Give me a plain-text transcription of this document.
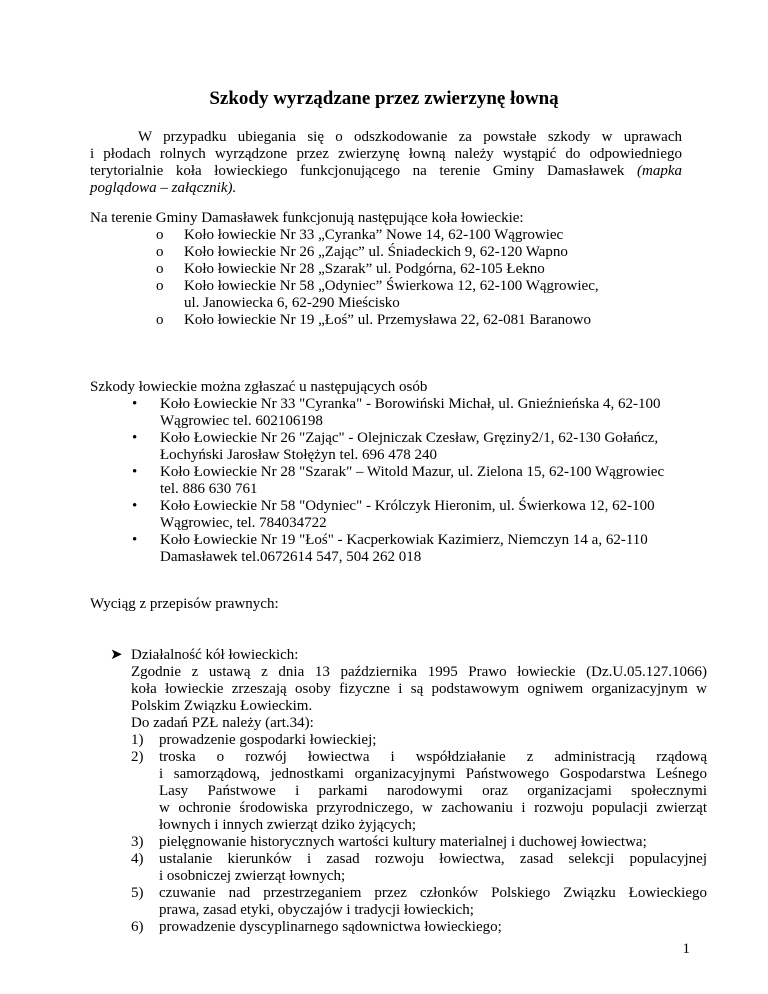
Szkody wyrządzane przez zwierzynę łowną
W przypadku ubiegania się o odszkodowanie za powstałe szkody w uprawach
i płodach rolnych wyrządzone przez zwierzynę łowną należy wystąpić do odpowiedniego
terytorialnie koła łowieckiego funkcjonującego na terenie Gminy Damasławek (mapka
pogląd​owa – załącznik).
Na terenie Gminy Damasławek funkcjonują następujące koła łowieckie:
o Koło łowieckie Nr 33 „Cyranka” Nowe 14, 62-100 Wągrowiec
o Koło łowieckie Nr 26 „Zając” ul. Śniadeckich 9, 62-120 Wapno
o Koło łowieckie Nr 28 „Szarak” ul. Podgórna, 62-105 Łekno
o Koło łowieckie Nr 58 „Odyniec” Świerkowa 12, 62-100 Wągrowiec,
ul. Janowiecka 6, 62-290 Mieścisko
o Koło łowieckie Nr 19 „Łoś” ul. Przemysława 22, 62-081 Baranowo
Szkody łowieckie można zgłaszać u następujących osób
• Koło Łowieckie Nr 33 "Cyranka" - Borowiński Michał, ul. Gnieźnieńska 4, 62-100
Wągrowiec tel. 602106198
• Koło Łowieckie Nr 26 "Zając" - Olejniczak Czesław, Gręziny2/1, 62-130 Gołańcz,
Łochyński Jarosław Stołężyn tel. 696 478 240
• Koło Łowieckie Nr 28 "Szarak" – Witold Mazur, ul. Zielona 15, 62-100 Wągrowiec
tel. 886 630 761
• Koło Łowieckie Nr 58 "Odyniec" - Królczyk Hieronim, ul. Świerkowa 12, 62-100
Wągrowiec, tel. 784034722
• Koło Łowieckie Nr 19 "Łoś" - Kacperkowiak Kazimierz, Niemczyn 14 a, 62-110
Damasławek tel.0672614 547, 504 262 018
Wyciąg z przepisów prawnych:
➤ Działalność kół łowieckich:
Zgodnie z ustawą z dnia 13 października 1995 Prawo łowieckie (Dz.U.05.127.1066)
koła łowieckie zrzeszają osoby fizyczne i są podstawowym ogniwem organizacyjnym w
Polskim Związku Łowieckim.
Do zadań PZŁ należy (art.34):
1) prowadzenie gospodarki łowieckiej;
2) troska o rozwój łowiectwa i współdziałanie z administracją rządową
i samorządową, jednostkami organizacyjnymi Państwowego Gospodarstwa Leśnego
Lasy Państwowe i parkami narodowymi oraz organizacjami społecznymi
w ochronie środowiska przyrodniczego, w zachowaniu i rozwoju populacji zwierząt
łownych i innych zwierząt dziko żyjących;
3) pielęgnowanie historycznych wartości kultury materialnej i duchowej łowiectwa;
4) ustalanie kierunków i zasad rozwoju łowiectwa, zasad selekcji populacyjnej
i osobniczej zwierząt łownych;
5) czuwanie nad przestrzeganiem przez członków Polskiego Związku Łowieckiego
prawa, zasad etyki, obyczajów i tradycji łowieckich;
6) prowadzenie dyscyplinarnego sądownictwa łowieckiego;
1
